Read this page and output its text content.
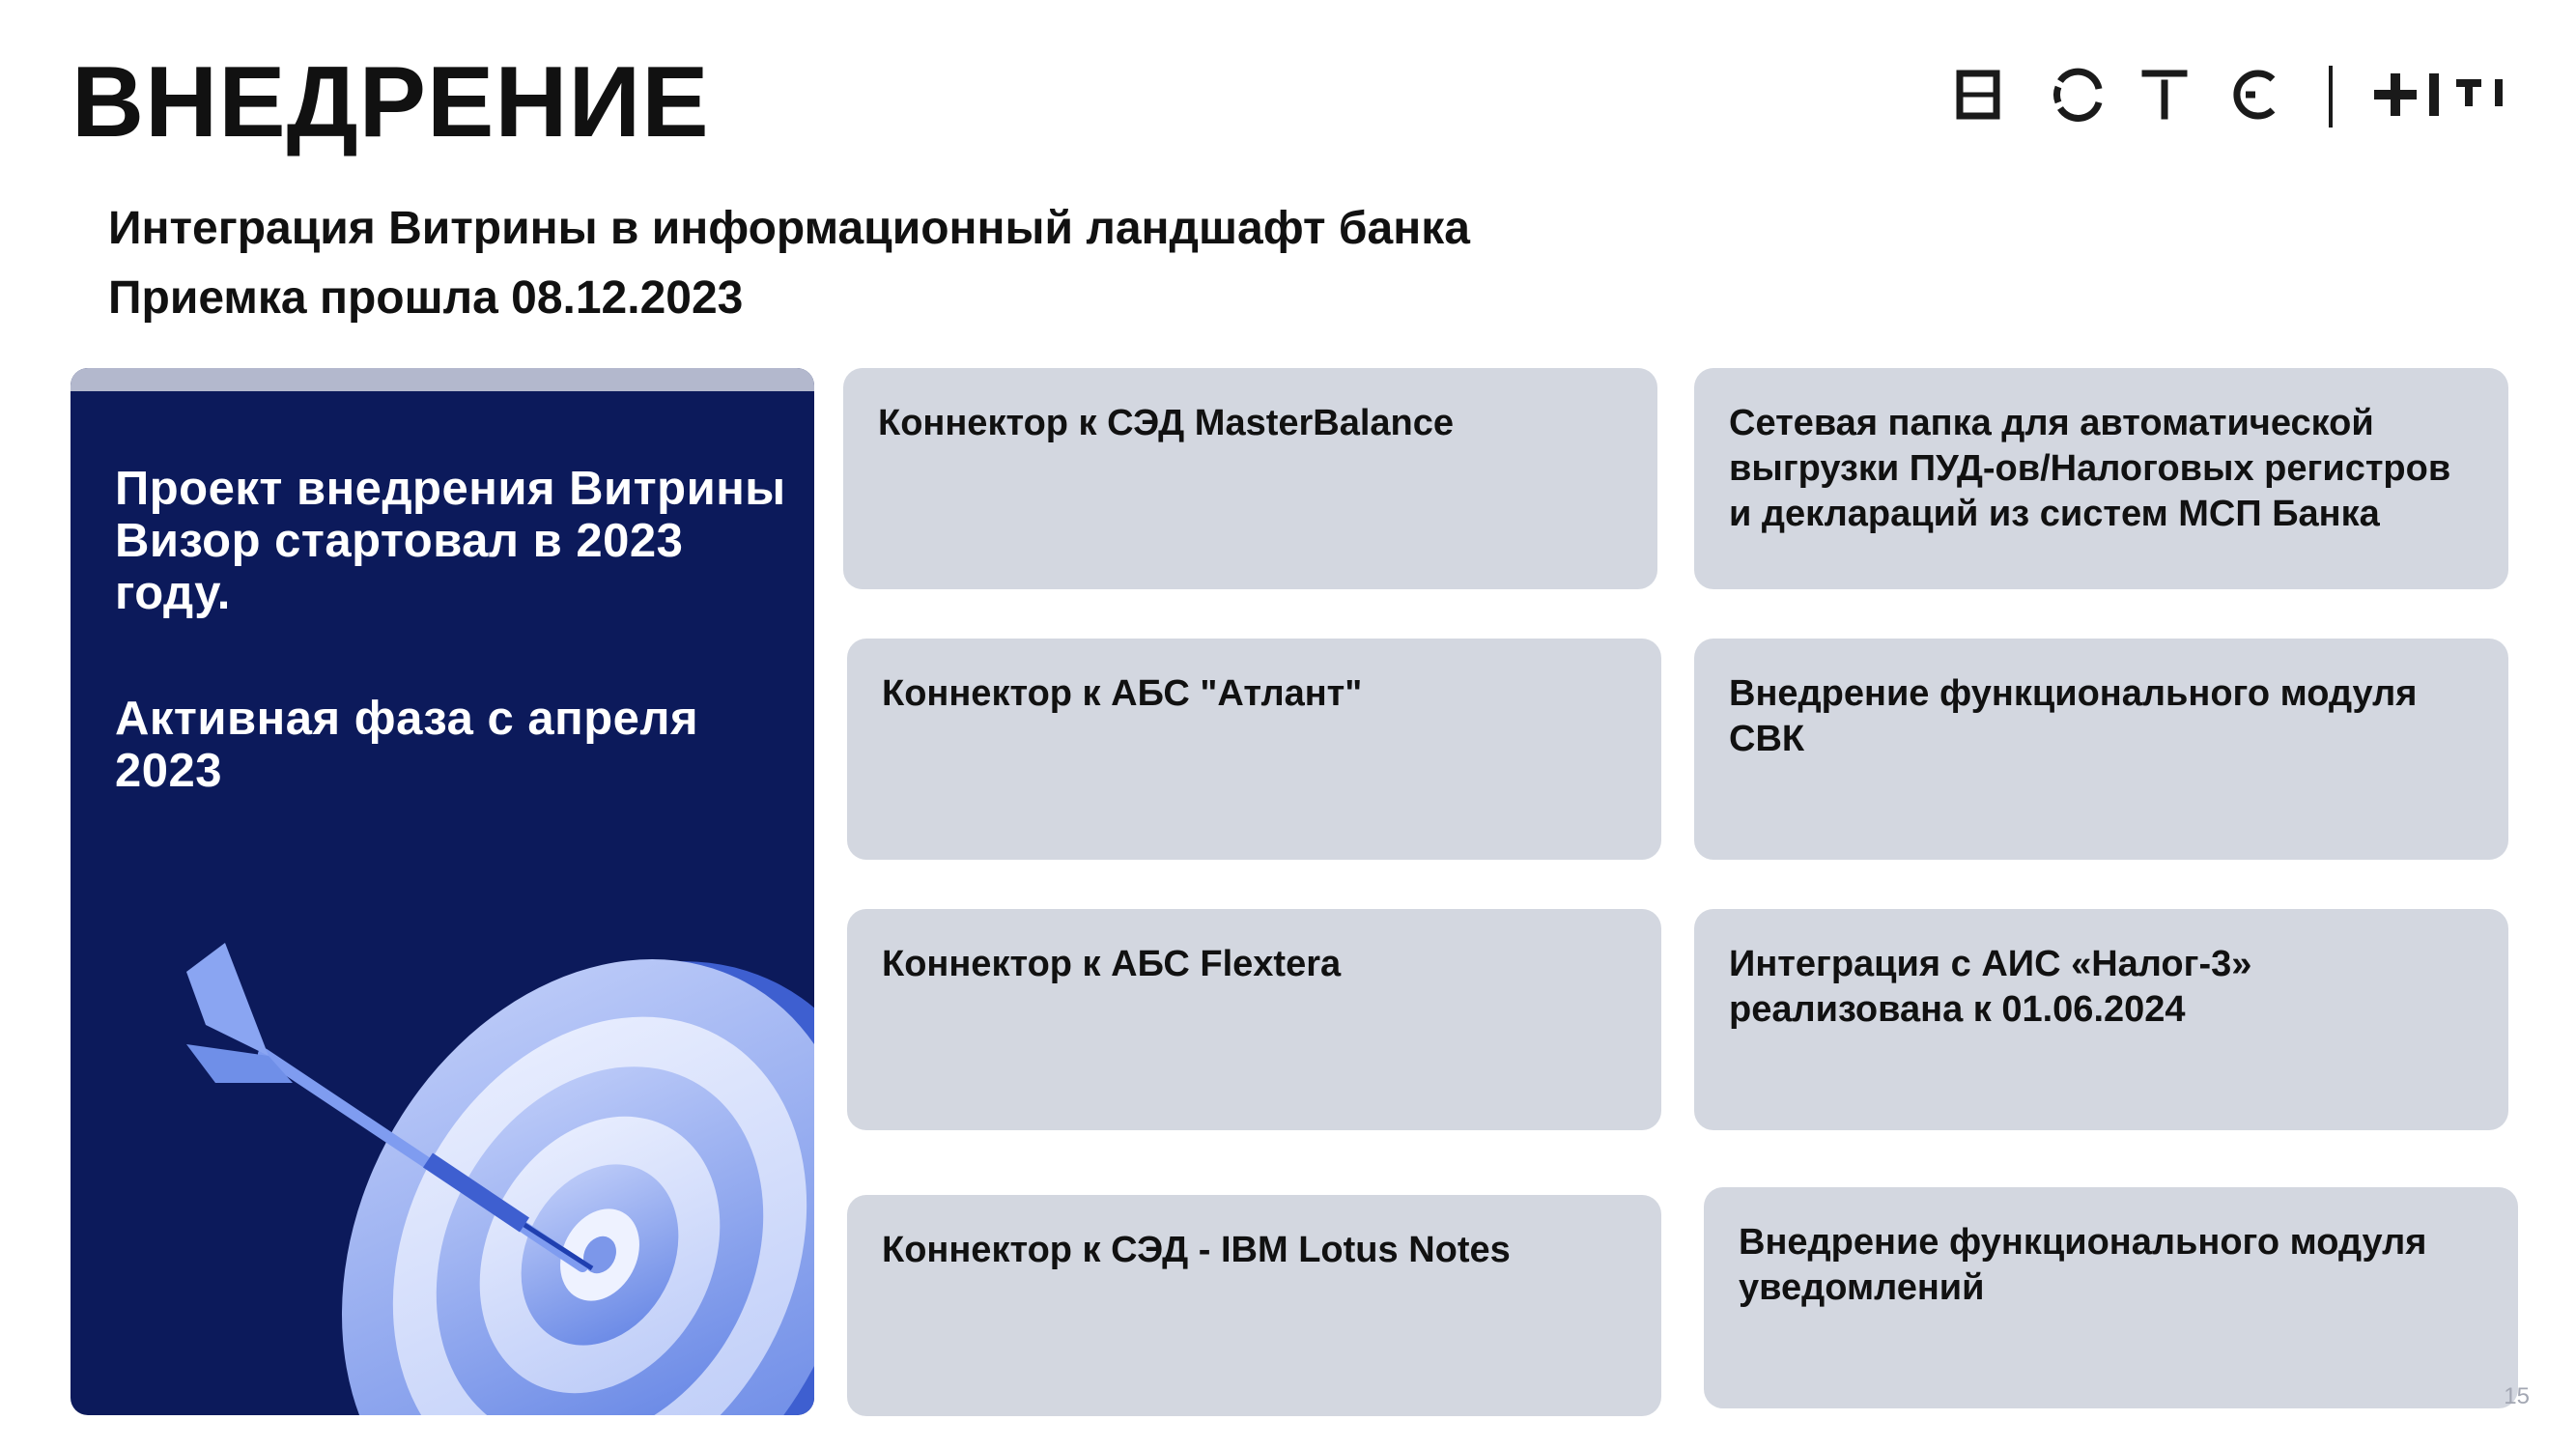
ВНЕДРЕНИЕ
Интеграция Витрины в информационный ландшафт банка
Приемка прошла 08.12.2023
Проект внедрения Витрины Визор стартовал в 2023 году.
Активная фаза с апреля 2023
Коннектор к СЭД MasterBalance	Сетевая папка для автоматической выгрузки ПУД-ов/Налоговых регистров и деклараций из систем МСП Банка
Коннектор к АБС "Атлант"	Внедрение функционального модуля СВК
Коннектор к АБС Flextera	Интеграция с АИС «Налог-3» реализована к 01.06.2024
Коннектор к СЭД - IBM Lotus Notes	Внедрение функционального модуля уведомлений
15
